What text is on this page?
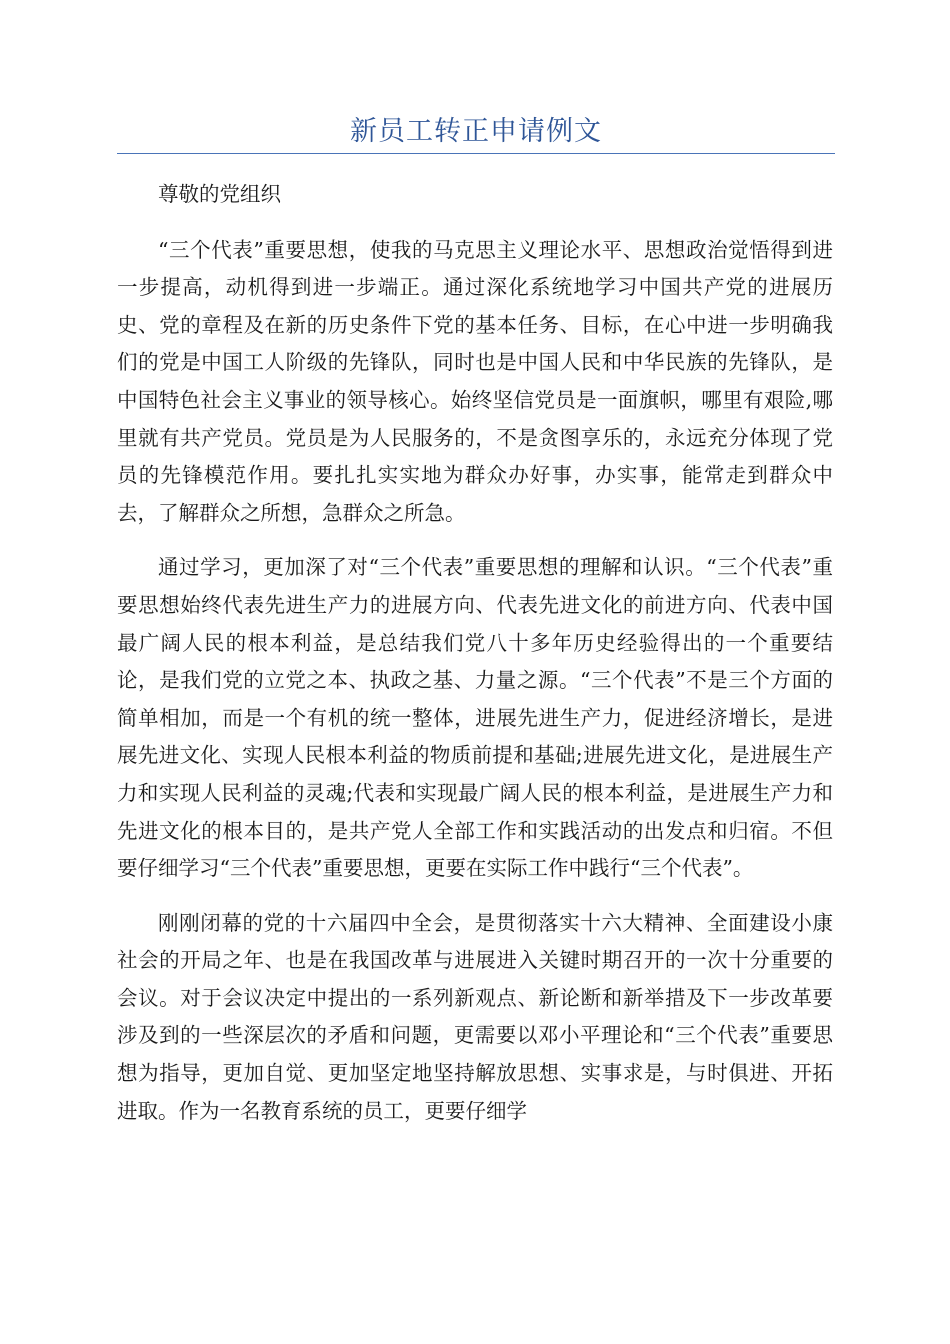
新员工转正申请例文

尊敬的党组织

“三个代表”重要思想，使我的马克思主义理论水平、思想政治觉悟得到进一步提高，动机得到进一步端正。通过深化系统地学习中国共产党的进展历史、党的章程及在新的历史条件下党的基本任务、目标，在心中进一步明确我们的党是中国工人阶级的先锋队，同时也是中国人民和中华民族的先锋队，是中国特色社会主义事业的领导核心。始终坚信党员是一面旗帜，哪里有艰险,哪里就有共产党员。党员是为人民服务的，不是贪图享乐的，永远充分体现了党员的先锋模范作用。要扎扎实实地为群众办好事，办实事，能常走到群众中去，了解群众之所想，急群众之所急。

通过学习，更加深了对“三个代表”重要思想的理解和认识。“三个代表”重要思想始终代表先进生产力的进展方向、代表先进文化的前进方向、代表中国最广阔人民的根本利益，是总结我们党八十多年历史经验得出的一个重要结论，是我们党的立党之本、执政之基、力量之源。“三个代表”不是三个方面的简单相加，而是一个有机的统一整体，进展先进生产力，促进经济增长，是进展先进文化、实现人民根本利益的物质前提和基础;进展先进文化，是进展生产力和实现人民利益的灵魂;代表和实现最广阔人民的根本利益，是进展生产力和先进文化的根本目的，是共产党人全部工作和实践活动的出发点和归宿。不但要仔细学习“三个代表”重要思想，更要在实际工作中践行“三个代表”。

刚刚闭幕的党的十六届四中全会，是贯彻落实十六大精神、全面建设小康社会的开局之年、也是在我国改革与进展进入关键时期召开的一次十分重要的会议。对于会议决定中提出的一系列新观点、新论断和新举措及下一步改革要涉及到的一些深层次的矛盾和问题，更需要以邓小平理论和“三个代表”重要思想为指导，更加自觉、更加坚定地坚持解放思想、实事求是，与时俱进、开拓进取。作为一名教育系统的员工，更要仔细学
